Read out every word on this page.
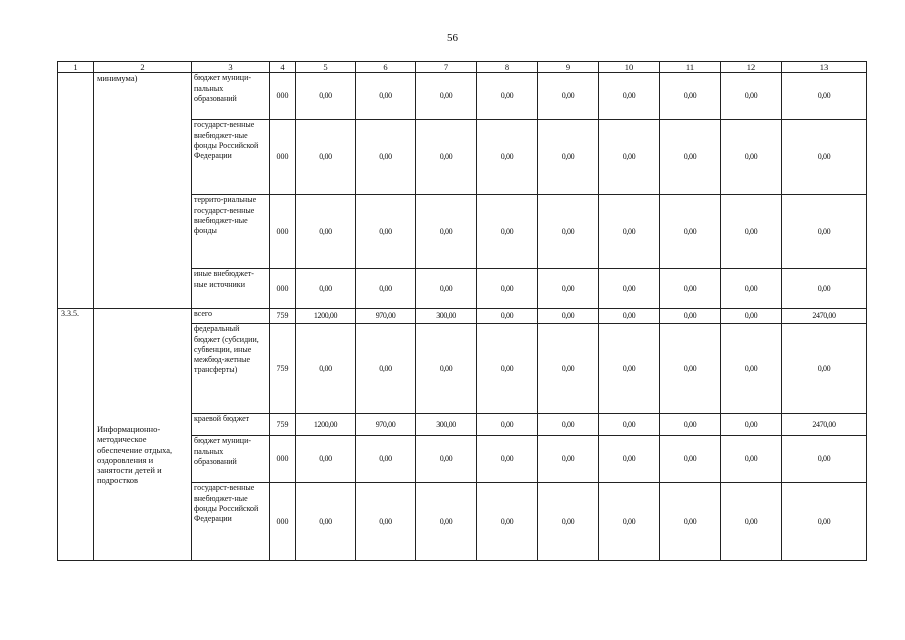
56
1	2	3	4	5	6	7	8	9	10	11	12	13
	минимума)	бюджет муници-пальных образований	000	0,00	0,00	0,00	0,00	0,00	0,00	0,00	0,00	0,00
		государст-венные внебюджет-ные фонды Российской Федерации	000	0,00	0,00	0,00	0,00	0,00	0,00	0,00	0,00	0,00
		террито-риальные государст-венные внебюджет-ные фонды	000	0,00	0,00	0,00	0,00	0,00	0,00	0,00	0,00	0,00
		иные внебюджет-ные источники	000	0,00	0,00	0,00	0,00	0,00	0,00	0,00	0,00	0,00
3.3.5.	Информационно-методическое обеспечение отдыха, оздоровления и занятости детей и подростков	всего	759	1200,00	970,00	300,00	0,00	0,00	0,00	0,00	0,00	2470,00
		федеральный бюджет (субсидии, субвенции, иные межбюд-жетные трансферты)	759	0,00	0,00	0,00	0,00	0,00	0,00	0,00	0,00	0,00
		краевой бюджет	759	1200,00	970,00	300,00	0,00	0,00	0,00	0,00	0,00	2470,00
		бюджет муници-пальных образований	000	0,00	0,00	0,00	0,00	0,00	0,00	0,00	0,00	0,00
		государст-венные внебюджет-ные фонды Российской Федерации	000	0,00	0,00	0,00	0,00	0,00	0,00	0,00	0,00	0,00
